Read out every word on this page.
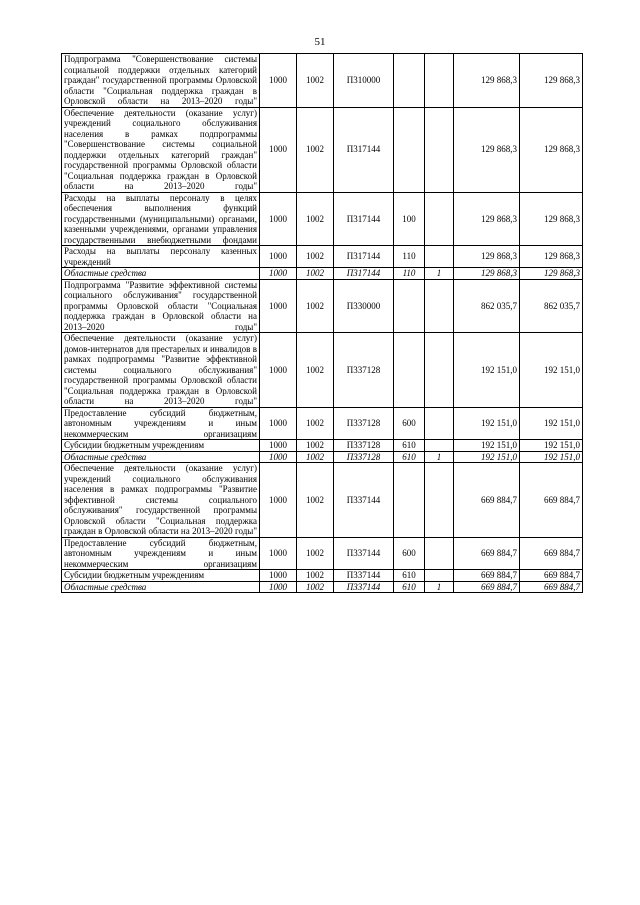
51
Подпрограмма "Совершенствование системы социальной поддержки отдельных категорий граждан" государственной программы Орловской области "Социальная поддержка граждан в Орловской области на 2013–2020 годы"	1000	1002	П310000			129 868,3	129 868,3
Обеспечение деятельности (оказание услуг) учреждений социального обслуживания населения в рамках подпрограммы "Совершенствование системы социальной поддержки отдельных категорий граждан" государственной программы Орловской области "Социальная поддержка граждан в Орловской области на 2013–2020 годы"	1000	1002	П317144			129 868,3	129 868,3
Расходы на выплаты персоналу в целях обеспечения выполнения функций государственными (муниципальными) органами, казенными учреждениями, органами управления государственными внебюджетными фондами	1000	1002	П317144	100		129 868,3	129 868,3
Расходы на выплаты персоналу казенных учреждений	1000	1002	П317144	110		129 868,3	129 868,3
Областные средства	1000	1002	П317144	110	1	129 868,3	129 868,3
Подпрограмма "Развитие эффективной системы социального обслуживания" государственной программы Орловской области "Социальная поддержка граждан в Орловской области на 2013–2020 годы"	1000	1002	П330000			862 035,7	862 035,7
Обеспечение деятельности (оказание услуг) домов-интернатов для престарелых и инвалидов в рамках подпрограммы "Развитие эффективной системы социального обслуживания" государственной программы Орловской области "Социальная поддержка граждан в Орловской области на 2013–2020 годы"	1000	1002	П337128			192 151,0	192 151,0
Предоставление субсидий бюджетным, автономным учреждениям и иным некоммерческим организациям	1000	1002	П337128	600		192 151,0	192 151,0
Субсидии бюджетным учреждениям	1000	1002	П337128	610		192 151,0	192 151,0
Областные средства	1000	1002	П337128	610	1	192 151,0	192 151,0
Обеспечение деятельности (оказание услуг) учреждений социального обслуживания населения в рамках подпрограммы "Развитие эффективной системы социального обслуживания" государственной программы Орловской области "Социальная поддержка граждан в Орловской области на 2013–2020 годы"	1000	1002	П337144			669 884,7	669 884,7
Предоставление субсидий бюджетным, автономным учреждениям и иным некоммерческим организациям	1000	1002	П337144	600		669 884,7	669 884,7
Субсидии бюджетным учреждениям	1000	1002	П337144	610		669 884,7	669 884,7
Областные средства	1000	1002	П337144	610	1	669 884,7	669 884,7
